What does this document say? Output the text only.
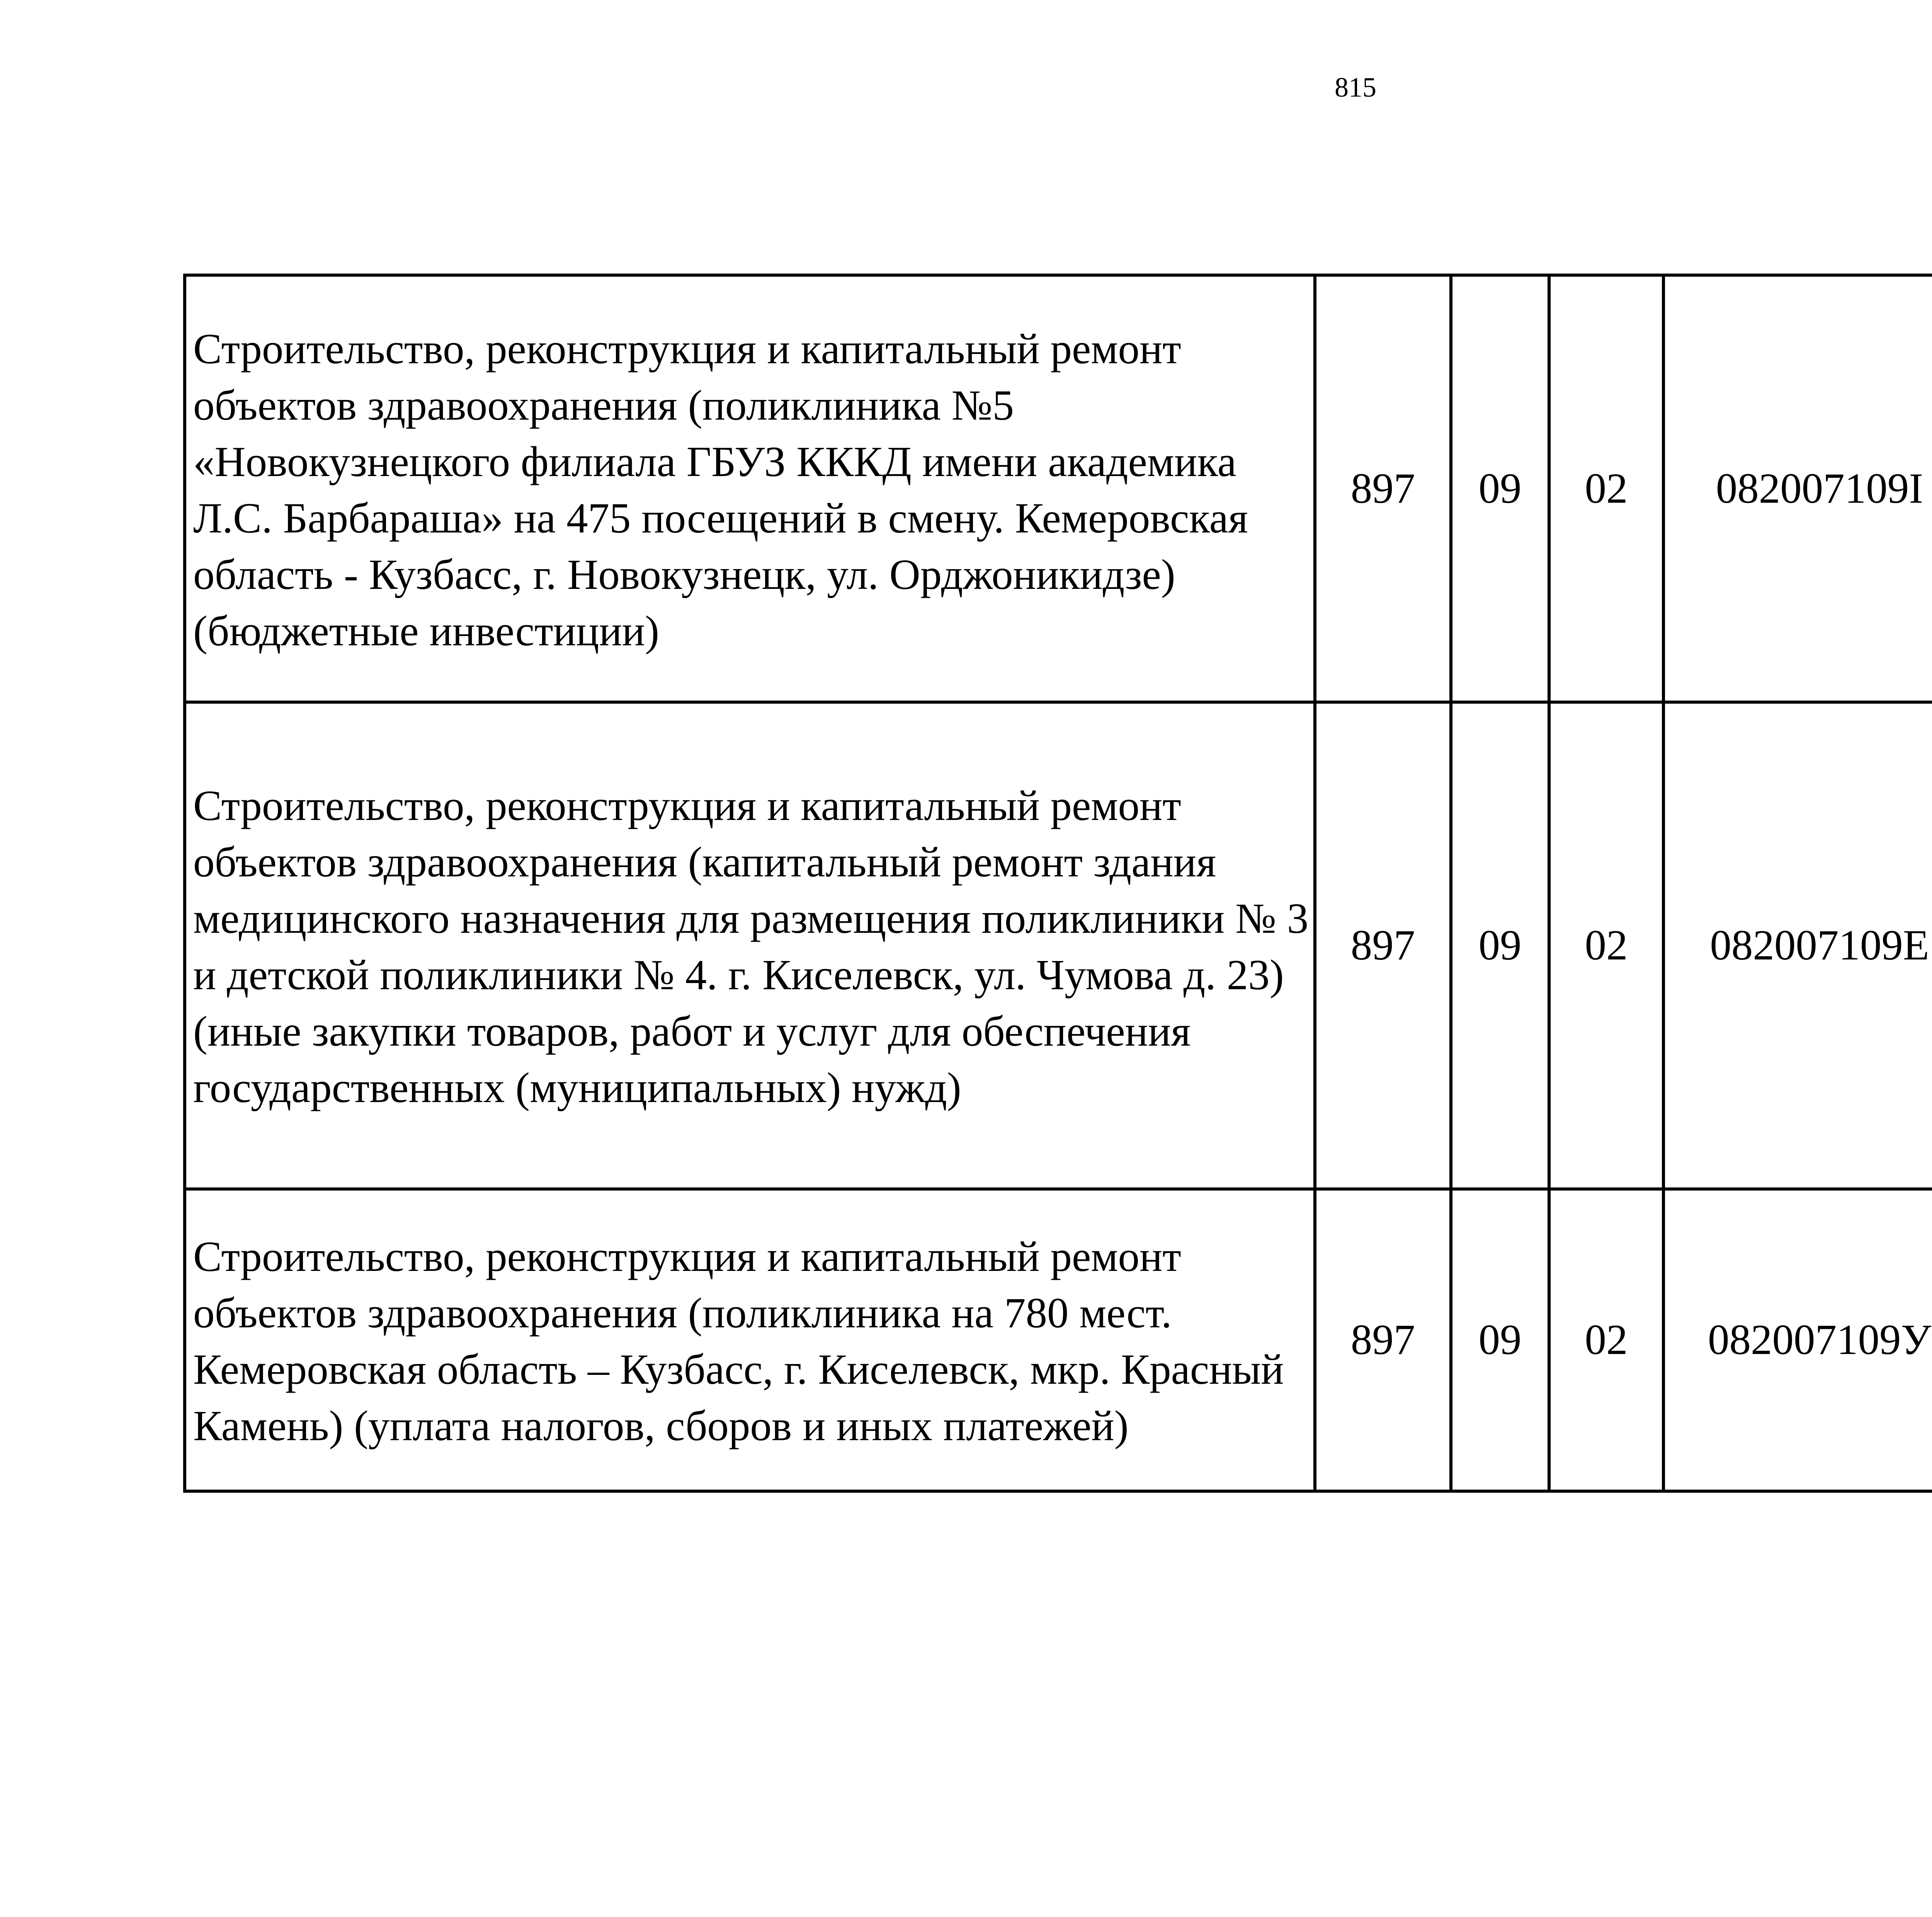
815
Строительство, реконструкция и капитальный ремонт объектов здравоохранения (поликлиника №5 «Новокузнецкого филиала ГБУЗ КККД имени академика Л.С. Барбараша» на 475 посещений в смену. Кемеровская область - Кузбасс, г. Новокузнецк, ул. Орджоникидзе) (бюджетные инвестиции)	897	09	02	082007109I		
Строительство, реконструкция и капитальный ремонт объектов здравоохранения (капитальный ремонт здания медицинского назначения для размещения поликлиники № 3 и детской поликлиники № 4. г. Киселевск, ул. Чумова д. 23) (иные закупки товаров, работ и услуг для обеспечения государственных (муниципальных) нужд)	897	09	02	082007109E		
Строительство, реконструкция и капитальный ремонт объектов здравоохранения (поликлиника на 780 мест. Кемеровская область – Кузбасс, г. Киселевск, мкр. Красный Камень) (уплата налогов, сборов и иных платежей)	897	09	02	082007109У		
